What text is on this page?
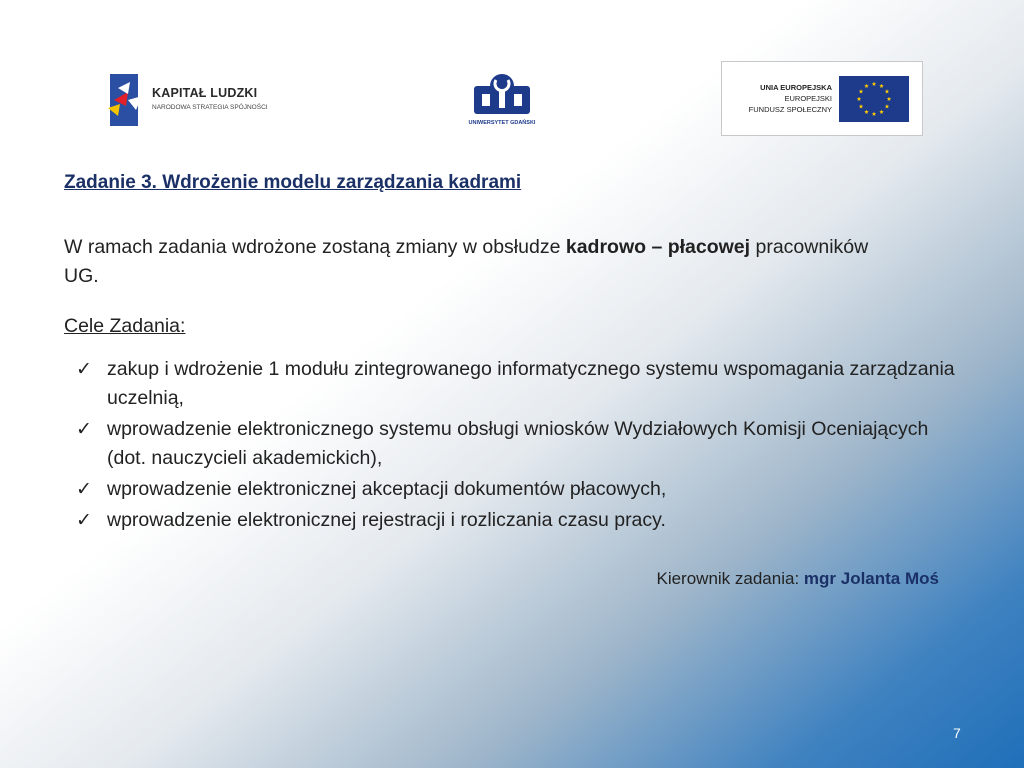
KAPITAŁ LUDZKI
NARODOWA STRATEGIA SPÓJNOŚCI
UNIWERSYTET GDAŃSKI
UNIA EUROPEJSKA
EUROPEJSKI
FUNDUSZ SPOŁECZNY
Zadanie 3. Wdrożenie modelu zarządzania kadrami

W ramach zadania wdrożone zostaną zmiany w obsłudze kadrowo – płacowej pracowników UG.

Cele Zadania:
✓ zakup i wdrożenie 1 modułu zintegrowanego informatycznego systemu wspomagania zarządzania uczelnią,
✓ wprowadzenie elektronicznego systemu obsługi wniosków Wydziałowych Komisji Oceniających (dot. nauczycieli akademickich),
✓ wprowadzenie elektronicznej akceptacji dokumentów płacowych,
✓ wprowadzenie elektronicznej rejestracji i rozliczania czasu pracy.
Kierownik zadania: mgr Jolanta Moś
7
